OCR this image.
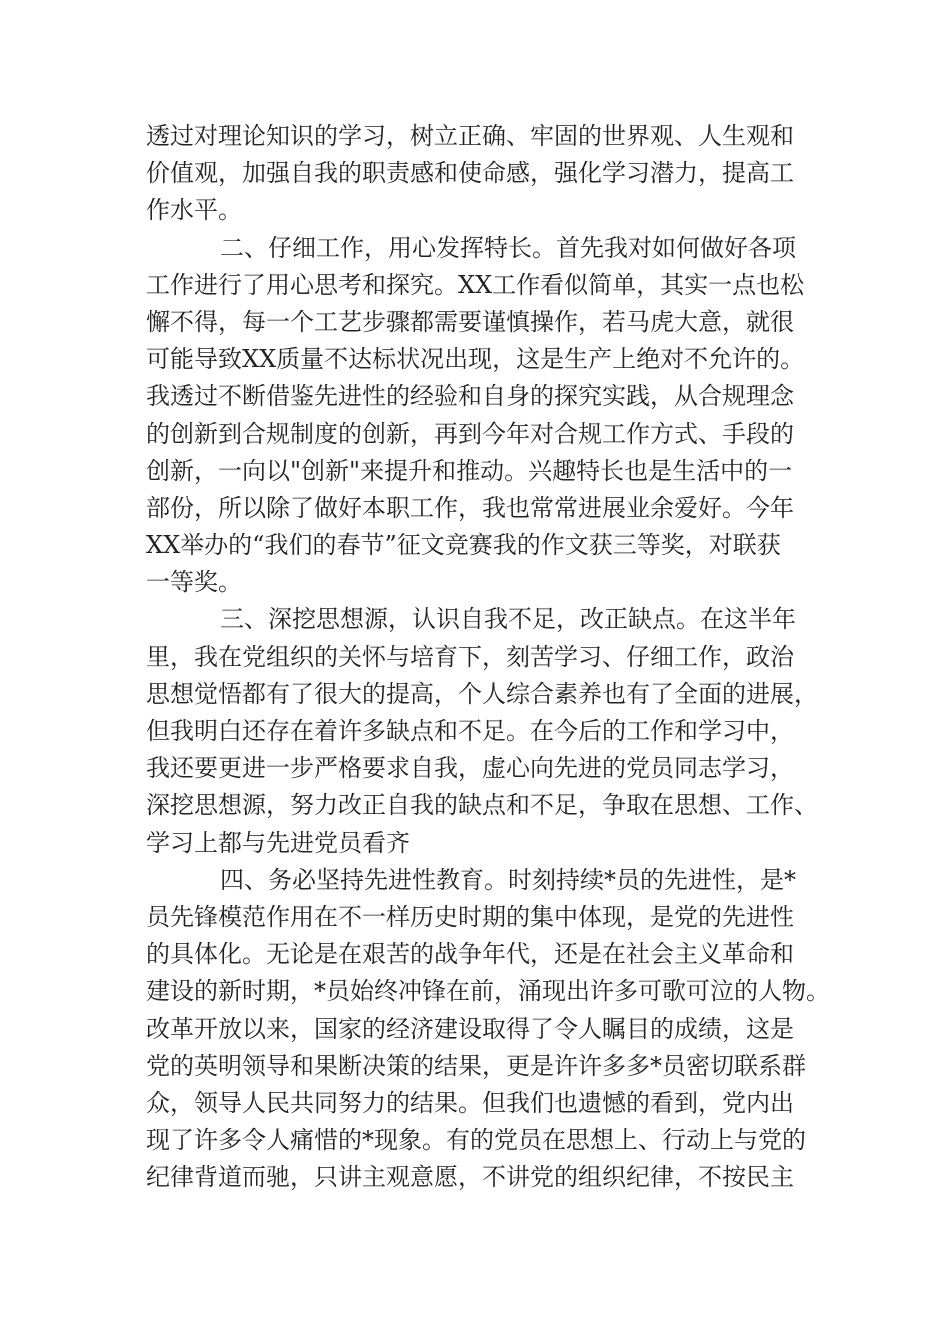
透过对理论知识的学习，树立正确、牢固的世界观、人生观和
价值观，加强自我的职责感和使命感，强化学习潜力，提高工
作水平。
二、仔细工作，用心发挥特长。首先我对如何做好各项
工作进行了用心思考和探究。XX工作看似简单，其实一点也松
懈不得，每一个工艺步骤都需要谨慎操作，若马虎大意，就很
可能导致XX质量不达标状况出现，这是生产上绝对不允许的。
我透过不断借鉴先进性的经验和自身的探究实践，从合规理念
的创新到合规制度的创新，再到今年对合规工作方式、手段的
创新，一向以"创新"来提升和推动。兴趣特长也是生活中的一
部份，所以除了做好本职工作，我也常常进展业余爱好。今年
XX举办的“我们的春节”征文竞赛我的作文获三等奖，对联获
一等奖。
三、深挖思想源，认识自我不足，改正缺点。在这半年
里，我在党组织的关怀与培育下，刻苦学习、仔细工作，政治
思想觉悟都有了很大的提高，个人综合素养也有了全面的进展，
但我明白还存在着许多缺点和不足。在今后的工作和学习中，
我还要更进一步严格要求自我，虚心向先进的党员同志学习，
深挖思想源，努力改正自我的缺点和不足，争取在思想、工作、
学习上都与先进党员看齐
四、务必坚持先进性教育。时刻持续*员的先进性，是*
员先锋模范作用在不一样历史时期的集中体现，是党的先进性
的具体化。无论是在艰苦的战争年代，还是在社会主义革命和
建设的新时期，*员始终冲锋在前，涌现出许多可歌可泣的人物。
改革开放以来，国家的经济建设取得了令人瞩目的成绩，这是
党的英明领导和果断决策的结果，更是许许多多*员密切联系群
众，领导人民共同努力的结果。但我们也遗憾的看到，党内出
现了许多令人痛惜的*现象。有的党员在思想上、行动上与党的
纪律背道而驰，只讲主观意愿，不讲党的组织纪律，不按民主
